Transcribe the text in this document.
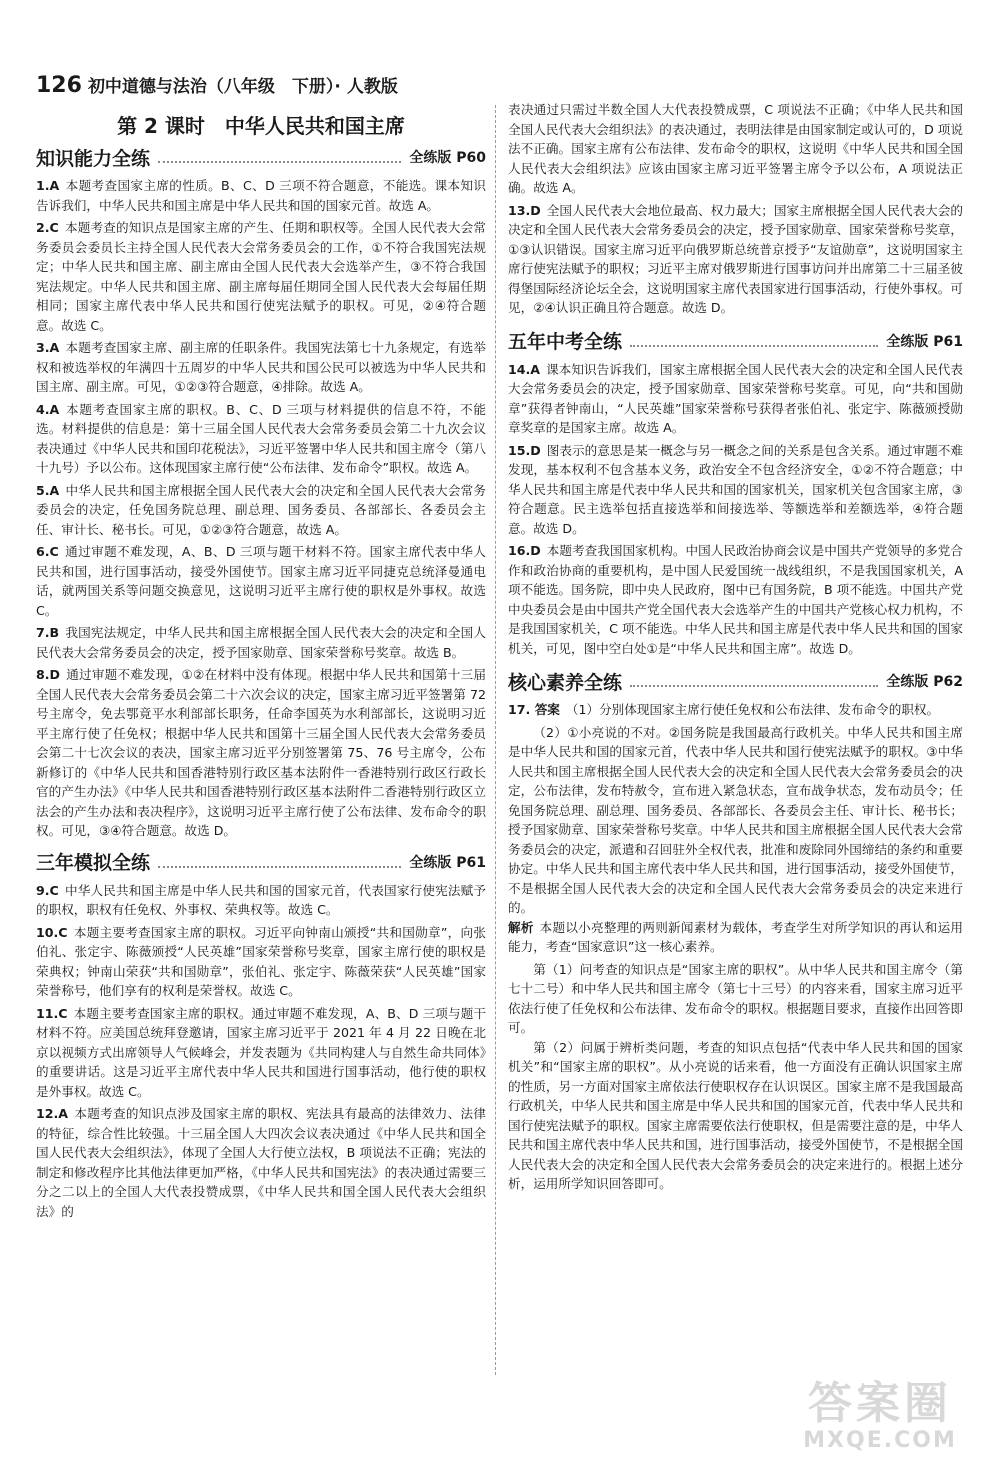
126 初中道德与法治（八年级　下册）· 人教版
第 2 课时　中华人民共和国主席
知识能力全练	全练版 P60

1.A 本题考查国家主席的性质。B、C、D 三项不符合题意，不能选。课本知识告诉我们，中华人民共和国主席是中华人民共和国的国家元首。故选 A。

2.C 本题考查的知识点是国家主席的产生、任期和职权等。全国人民代表大会常务委员会委员长主持全国人民代表大会常务委员会的工作，①不符合我国宪法规定；中华人民共和国主席、副主席由全国人民代表大会选举产生，③不符合我国宪法规定。中华人民共和国主席、副主席每届任期同全国人民代表大会每届任期相同；国家主席代表中华人民共和国行使宪法赋予的职权。可见，②④符合题意。故选 C。

3.A 本题考查国家主席、副主席的任职条件。我国宪法第七十九条规定，有选举权和被选举权的年满四十五周岁的中华人民共和国公民可以被选为中华人民共和国主席、副主席。可见，①②③符合题意，④排除。故选 A。

4.A 本题考查国家主席的职权。B、C、D 三项与材料提供的信息不符，不能选。材料提供的信息是：第十三届全国人民代表大会常务委员会第二十九次会议表决通过《中华人民共和国印花税法》，习近平签署中华人民共和国主席令（第八十九号）予以公布。这体现国家主席行使“公布法律、发布命令”职权。故选 A。

5.A 中华人民共和国主席根据全国人民代表大会的决定和全国人民代表大会常务委员会的决定，任免国务院总理、副总理、国务委员、各部部长、各委员会主任、审计长、秘书长。可见，①②③符合题意，故选 A。

6.C 通过审题不难发现，A、B、D 三项与题干材料不符。国家主席代表中华人民共和国，进行国事活动，接受外国使节。国家主席习近平同捷克总统泽曼通电话，就两国关系等问题交换意见，这说明习近平主席行使的职权是外事权。故选 C。

7.B 我国宪法规定，中华人民共和国主席根据全国人民代表大会的决定和全国人民代表大会常务委员会的决定，授予国家勋章、国家荣誉称号奖章。故选 B。

8.D 通过审题不难发现，①②在材料中没有体现。根据中华人民共和国第十三届全国人民代表大会常务委员会第二十六次会议的决定，国家主席习近平签署第 72 号主席令，免去鄂竟平水利部部长职务，任命李国英为水利部部长，这说明习近平主席行使了任免权；根据中华人民共和国第十三届全国人民代表大会常务委员会第二十七次会议的表决，国家主席习近平分别签署第 75、76 号主席令，公布新修订的《中华人民共和国香港特别行政区基本法附件一香港特别行政区行政长官的产生办法》《中华人民共和国香港特别行政区基本法附件二香港特别行政区立法会的产生办法和表决程序》，这说明习近平主席行使了公布法律、发布命令的职权。可见，③④符合题意。故选 D。

三年模拟全练	全练版 P61

9.C 中华人民共和国主席是中华人民共和国的国家元首，代表国家行使宪法赋予的职权，职权有任免权、外事权、荣典权等。故选 C。

10.C 本题主要考查国家主席的职权。习近平向钟南山颁授“共和国勋章”，向张伯礼、张定宇、陈薇颁授“人民英雄”国家荣誉称号奖章，国家主席行使的职权是荣典权；钟南山荣获“共和国勋章”，张伯礼、张定宇、陈薇荣获“人民英雄”国家荣誉称号，他们享有的权利是荣誉权。故选 C。

11.C 本题主要考查国家主席的职权。通过审题不难发现，A、B、D 三项与题干材料不符。应美国总统拜登邀请，国家主席习近平于 2021 年 4 月 22 日晚在北京以视频方式出席领导人气候峰会，并发表题为《共同构建人与自然生命共同体》的重要讲话。这是习近平主席代表中华人民共和国进行国事活动，他行使的职权是外事权。故选 C。

12.A 本题考查的知识点涉及国家主席的职权、宪法具有最高的法律效力、法律的特征，综合性比较强。十三届全国人大四次会议表决通过《中华人民共和国全国人民代表大会组织法》，体现了全国人大行使立法权，B 项说法不正确；宪法的制定和修改程序比其他法律更加严格，《中华人民共和国宪法》的表决通过需要三分之二以上的全国人大代表投赞成票，《中华人民共和国全国人民代表大会组织法》的

表决通过只需过半数全国人大代表投赞成票，C 项说法不正确；《中华人民共和国全国人民代表大会组织法》的表决通过，表明法律是由国家制定或认可的，D 项说法不正确。国家主席有公布法律、发布命令的职权，这说明《中华人民共和国全国人民代表大会组织法》应该由国家主席习近平签署主席令予以公布，A 项说法正确。故选 A。

13.D 全国人民代表大会地位最高、权力最大；国家主席根据全国人民代表大会的决定和全国人民代表大会常务委员会的决定，授予国家勋章、国家荣誉称号奖章，①③认识错误。国家主席习近平向俄罗斯总统普京授予“友谊勋章”，这说明国家主席行使宪法赋予的职权；习近平主席对俄罗斯进行国事访问并出席第二十三届圣彼得堡国际经济论坛全会，这说明国家主席代表国家进行国事活动，行使外事权。可见，②④认识正确且符合题意。故选 D。

五年中考全练	全练版 P61

14.A 课本知识告诉我们，国家主席根据全国人民代表大会的决定和全国人民代表大会常务委员会的决定，授予国家勋章、国家荣誉称号奖章。可见，向“共和国勋章”获得者钟南山，“人民英雄”国家荣誉称号获得者张伯礼、张定宇、陈薇颁授勋章奖章的是国家主席。故选 A。

15.D 图表示的意思是某一概念与另一概念之间的关系是包含关系。通过审题不难发现，基本权利不包含基本义务，政治安全不包含经济安全，①②不符合题意；中华人民共和国主席是代表中华人民共和国的国家机关，国家机关包含国家主席，③符合题意。民主选举包括直接选举和间接选举、等额选举和差额选举，④符合题意。故选 D。

16.D 本题考查我国国家机构。中国人民政治协商会议是中国共产党领导的多党合作和政治协商的重要机构，是中国人民爱国统一战线组织，不是我国国家机关，A 项不能选。国务院，即中央人民政府，图中已有国务院，B 项不能选。中国共产党中央委员会是由中国共产党全国代表大会选举产生的中国共产党核心权力机构，不是我国国家机关，C 项不能选。中华人民共和国主席是代表中华人民共和国的国家机关，可见，图中空白处①是“中华人民共和国主席”。故选 D。

核心素养全练	全练版 P62

17. 答案 （1）分别体现国家主席行使任免权和公布法律、发布命令的职权。

（2）①小亮说的不对。②国务院是我国最高行政机关。中华人民共和国主席是中华人民共和国的国家元首，代表中华人民共和国行使宪法赋予的职权。③中华人民共和国主席根据全国人民代表大会的决定和全国人民代表大会常务委员会的决定，公布法律，发布特赦令，宣布进入紧急状态，宣布战争状态，发布动员令；任免国务院总理、副总理、国务委员、各部部长、各委员会主任、审计长、秘书长；授予国家勋章、国家荣誉称号奖章。中华人民共和国主席根据全国人民代表大会常务委员会的决定，派遣和召回驻外全权代表，批准和废除同外国缔结的条约和重要协定。中华人民共和国主席代表中华人民共和国，进行国事活动，接受外国使节，不是根据全国人民代表大会的决定和全国人民代表大会常务委员会的决定来进行的。

解析 本题以小亮整理的两则新闻素材为载体，考查学生对所学知识的再认和运用能力，考查“国家意识”这一核心素养。

第（1）问考查的知识点是“国家主席的职权”。从中华人民共和国主席令（第七十二号）和中华人民共和国主席令（第七十三号）的内容来看，国家主席习近平依法行使了任免权和公布法律、发布命令的职权。根据题目要求，直接作出回答即可。

第（2）问属于辨析类问题，考查的知识点包括“代表中华人民共和国的国家机关”和“国家主席的职权”。从小亮说的话来看，他一方面没有正确认识国家主席的性质，另一方面对国家主席依法行使职权存在认识误区。国家主席不是我国最高行政机关，中华人民共和国主席是中华人民共和国的国家元首，代表中华人民共和国行使宪法赋予的职权。国家主席需要依法行使职权，但是需要注意的是，中华人民共和国主席代表中华人民共和国，进行国事活动，接受外国使节，不是根据全国人民代表大会的决定和全国人民代表大会常务委员会的决定来进行的。根据上述分析，运用所学知识回答即可。

答案圈
MXQE.COM
